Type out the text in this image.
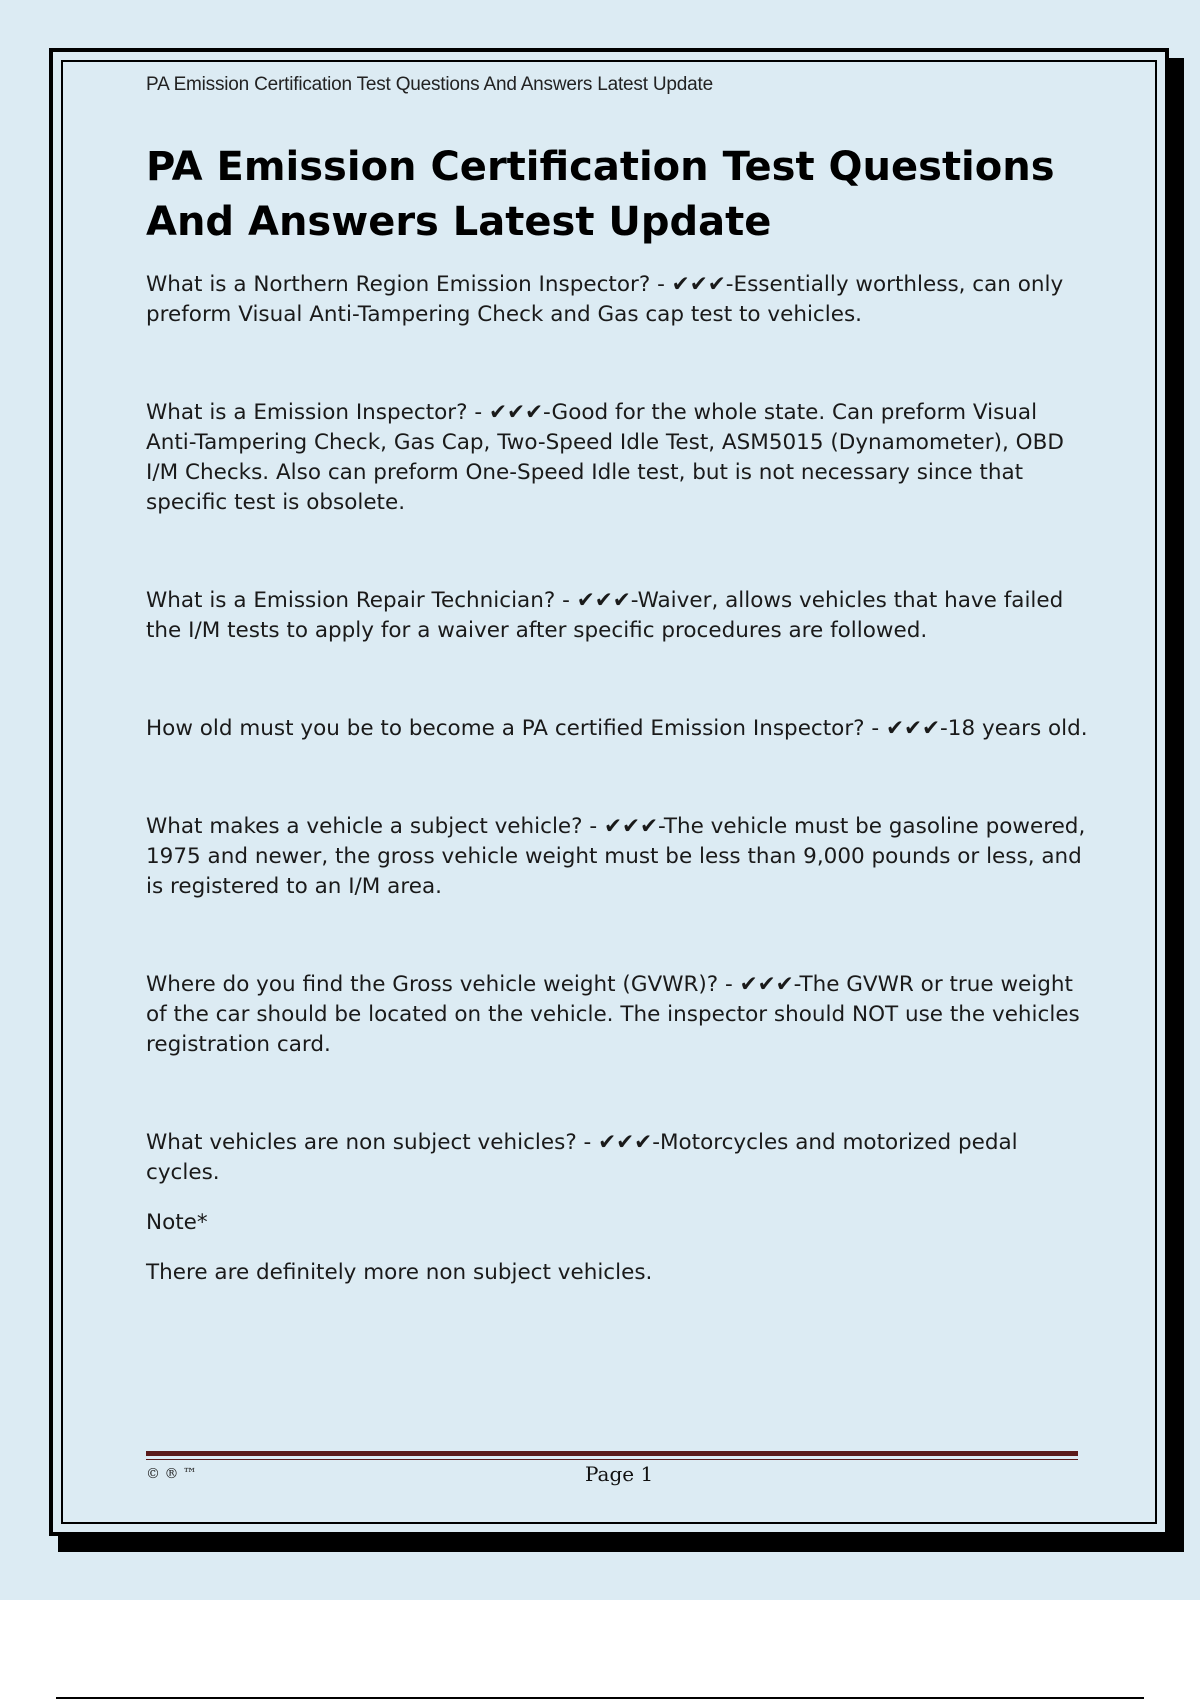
PA Emission Certification Test Questions And Answers Latest Update
PA Emission Certification Test Questions And Answers Latest Update

What is a Northern Region Emission Inspector? - ✔✔✔-Essentially worthless, can only preform Visual Anti-Tampering Check and Gas cap test to vehicles.

What is a Emission Inspector? - ✔✔✔-Good for the whole state. Can preform Visual Anti-Tampering Check, Gas Cap, Two-Speed Idle Test, ASM5015 (Dynamometer), OBD I/M Checks. Also can preform One-Speed Idle test, but is not necessary since that specific test is obsolete.

What is a Emission Repair Technician? - ✔✔✔-Waiver, allows vehicles that have failed the I/M tests to apply for a waiver after specific procedures are followed.

How old must you be to become a PA certified Emission Inspector? - ✔✔✔-18 years old.

What makes a vehicle a subject vehicle? - ✔✔✔-The vehicle must be gasoline powered, 1975 and newer, the gross vehicle weight must be less than 9,000 pounds or less, and is registered to an I/M area.

Where do you find the Gross vehicle weight (GVWR)? - ✔✔✔-The GVWR or true weight of the car should be located on the vehicle. The inspector should NOT use the vehicles registration card.

What vehicles are non subject vehicles? - ✔✔✔-Motorcycles and motorized pedal cycles.

Note*

There are definitely more non subject vehicles.

© ® ™	Page 1
